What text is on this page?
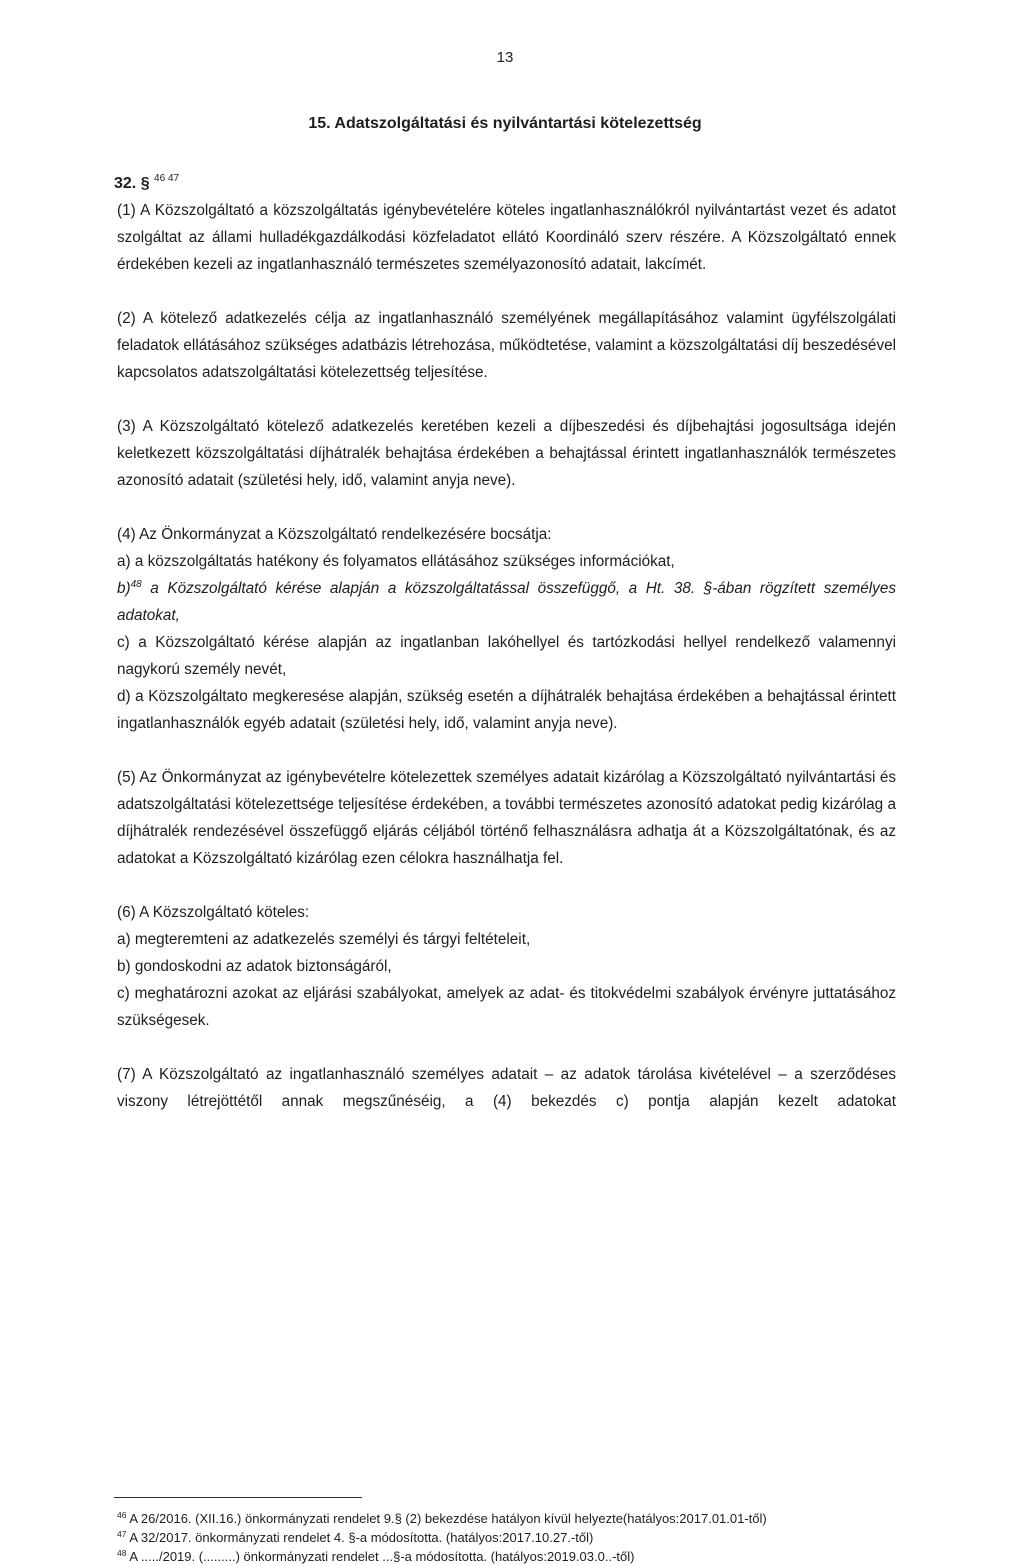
13
15. Adatszolgáltatási és nyilvántartási kötelezettség
32. § $^{46 47}$

(1) A Közszolgáltató a közszolgáltatás igénybevételére köteles ingatlanhasználókról nyilvántartást vezet és adatot szolgáltat az állami hulladékgazdálkodási közfeladatot ellátó Koordináló szerv részére. A Közszolgáltató ennek érdekében kezeli az ingatlanhasználó természetes személyazonosító adatait, lakcímét.

(2) A kötelező adatkezelés célja az ingatlanhasználó személyének megállapításához valamint ügyfélszolgálati feladatok ellátásához szükséges adatbázis létrehozása, működtetése, valamint a közszolgáltatási díj beszedésével kapcsolatos adatszolgáltatási kötelezettség teljesítése.

(3) A Közszolgáltató kötelező adatkezelés keretében kezeli a díjbeszedési és díjbehajtási jogosultsága idején keletkezett közszolgáltatási díjhátralék behajtása érdekében a behajtással érintett ingatlanhasználók természetes azonosító adatait (születési hely, idő, valamint anyja neve).

(4) Az Önkormányzat a Közszolgáltató rendelkezésére bocsátja:

a) a közszolgáltatás hatékony és folyamatos ellátásához szükséges információkat,

b)$^{48}$ a Közszolgáltató kérése alapján a közszolgáltatással összefüggő, a Ht. 38. §-ában rögzített személyes adatokat,

c) a Közszolgáltató kérése alapján az ingatlanban lakóhellyel és tartózkodási hellyel rendelkező valamennyi nagykorú személy nevét,

d) a Közszolgáltato megkeresése alapján, szükség esetén a díjhátralék behajtása érdekében a behajtással érintett ingatlanhasználók egyéb adatait (születési hely, idő, valamint anyja neve).

(5) Az Önkormányzat az igénybevételre kötelezettek személyes adatait kizárólag a Közszolgáltató nyilvántartási és adatszolgáltatási kötelezettsége teljesítése érdekében, a további természetes azonosító adatokat pedig kizárólag a díjhátralék rendezésével összefüggő eljárás céljából történő felhasználásra adhatja át a Közszolgáltatónak, és az adatokat a Közszolgáltató kizárólag ezen célokra használhatja fel.

(6) A Közszolgáltató köteles:

a) megteremteni az adatkezelés személyi és tárgyi feltételeit,

b) gondoskodni az adatok biztonságáról,

c) meghatározni azokat az eljárási szabályokat, amelyek az adat- és titokvédelmi szabályok érvényre juttatásához szükségesek.

(7) A Közszolgáltató az ingatlanhasználó személyes adatait – az adatok tárolása kivételével – a szerződéses viszony létrejöttétől annak megszűnéséig, a (4) bekezdés c) pontja alapján kezelt adatokat

$^{46}$ A 26/2016. (XII.16.) önkormányzati rendelet 9.§ (2) bekezdése hatályon kívül helyezte(hatályos:2017.01.01-től)

$^{47}$ A 32/2017. önkormányzati rendelet 4. §-a módosította. (hatályos:2017.10.27.-től)

$^{48}$ A ...../2019. (.........) önkormányzati rendelet ...§-a módosította. (hatályos:2019.03.0..-től)
